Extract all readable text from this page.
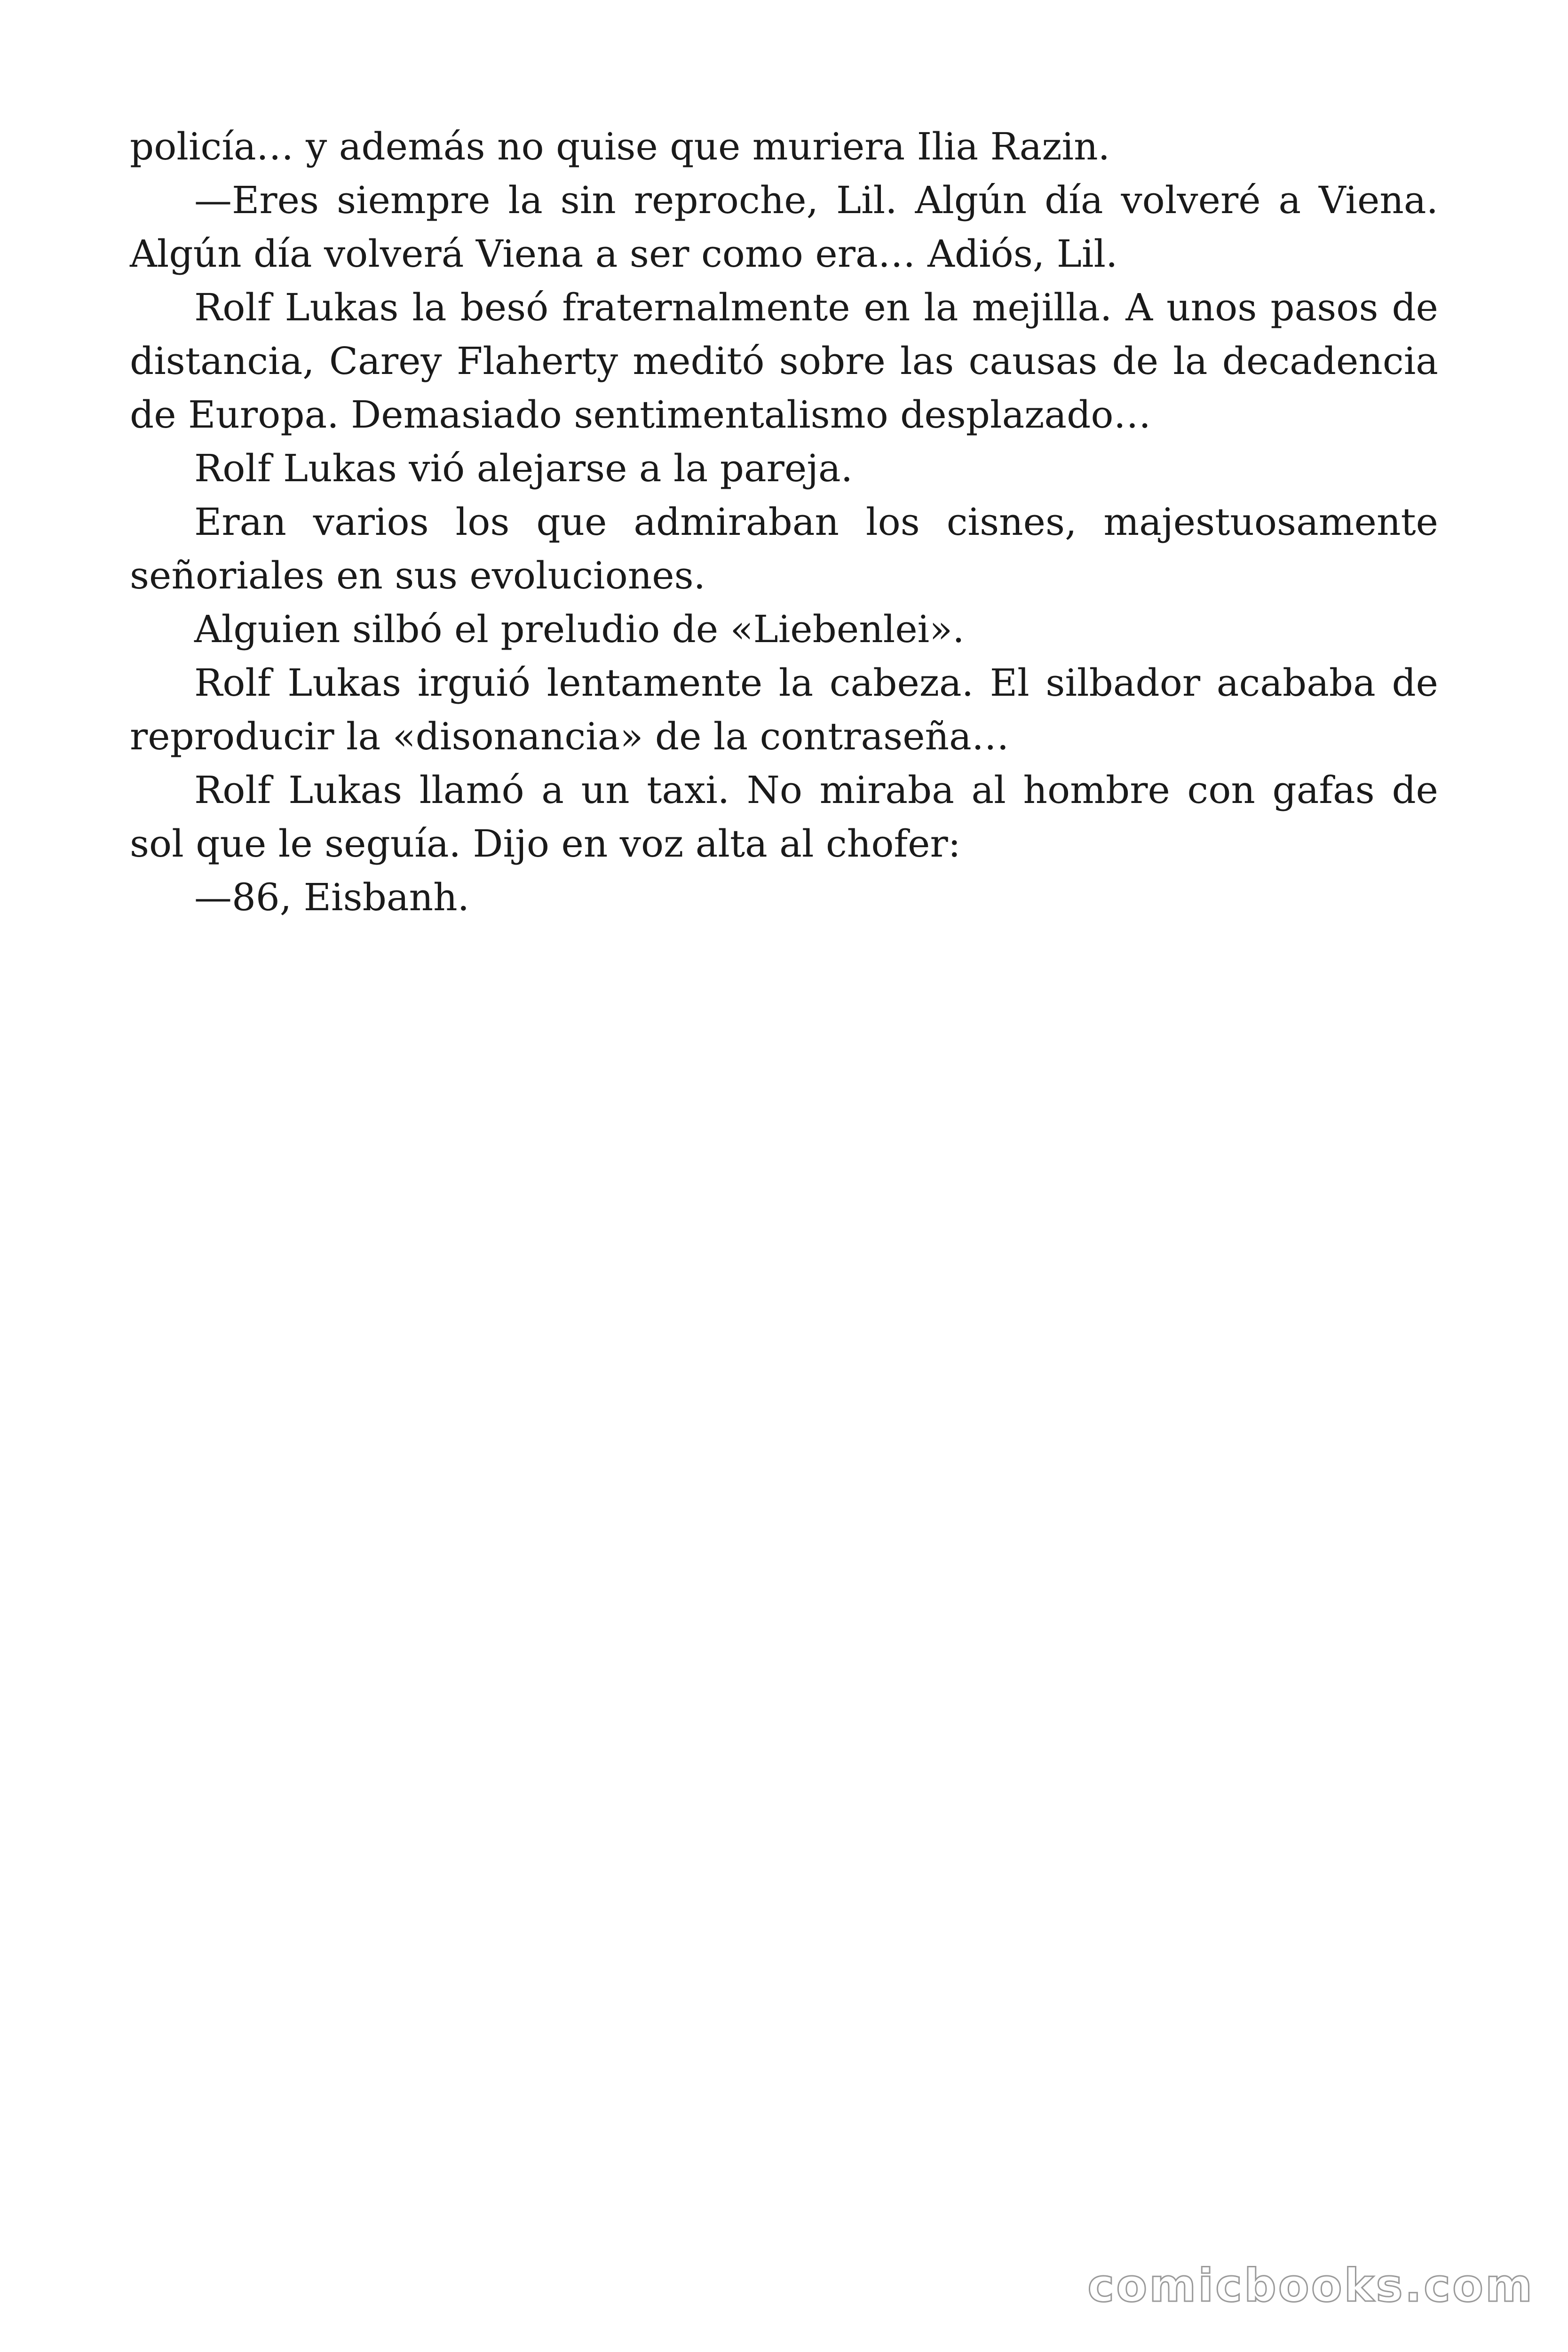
policía… y además no quise que muriera Ilia Razin.

—Eres siempre la sin reproche, Lil. Algún día volveré a Viena. Algún día volverá Viena a ser como era… Adiós, Lil.

Rolf Lukas la besó fraternalmente en la mejilla. A unos pasos de distancia, Carey Flaherty meditó sobre las causas de la decadencia de Europa. Demasiado sentimentalismo desplazado…

Rolf Lukas vió alejarse a la pareja.

Eran varios los que admiraban los cisnes, majestuosamente señoriales en sus evoluciones.

Alguien silbó el preludio de «Liebenlei».

Rolf Lukas irguió lentamente la cabeza. El silbador acababa de reproducir la «disonancia» de la contraseña…

Rolf Lukas llamó a un taxi. No miraba al hombre con gafas de sol que le seguía. Dijo en voz alta al chofer:

—86, Eisbanh.

comicbooks.com
